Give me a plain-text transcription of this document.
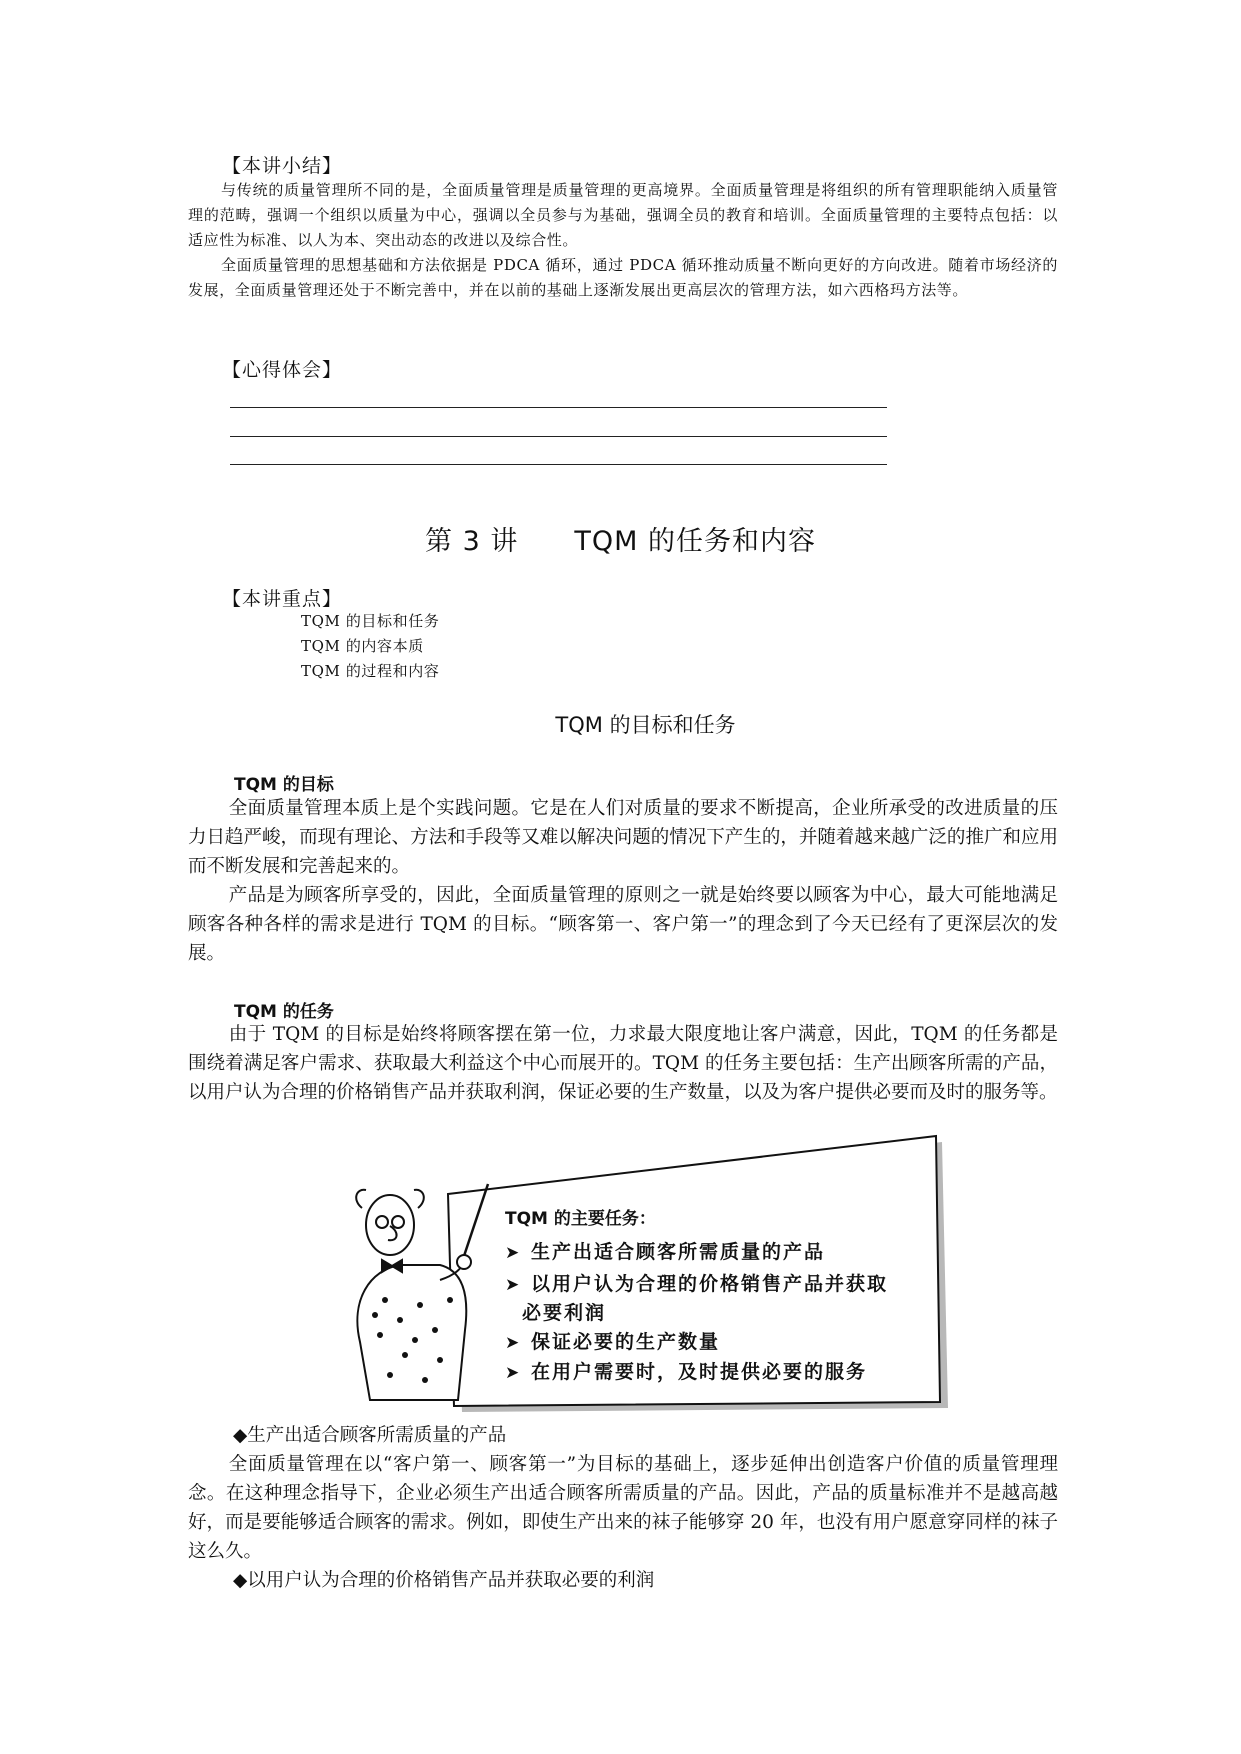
【本讲小结】

与传统的质量管理所不同的是，全面质量管理是质量管理的更高境界。全面质量管理是将组织的所有管理职能纳入质量管理的范畴，强调一个组织以质量为中心，强调以全员参与为基础，强调全员的教育和培训。全面质量管理的主要特点包括：以适应性为标准、以人为本、突出动态的改进以及综合性。

全面质量管理的思想基础和方法依据是 PDCA 循环，通过 PDCA 循环推动质量不断向更好的方向改进。随着市场经济的发展，全面质量管理还处于不断完善中，并在以前的基础上逐渐发展出更高层次的管理方法，如六西格玛方法等。

【心得体会】
第 3 讲 TQM 的任务和内容
【本讲重点】
TQM 的目标和任务
TQM 的内容本质
TQM 的过程和内容
TQM 的目标和任务
TQM 的目标

全面质量管理本质上是个实践问题。它是在人们对质量的要求不断提高，企业所承受的改进质量的压力日趋严峻，而现有理论、方法和手段等又难以解决问题的情况下产生的，并随着越来越广泛的推广和应用而不断发展和完善起来的。

产品是为顾客所享受的，因此，全面质量管理的原则之一就是始终要以顾客为中心，最大可能地满足顾客各种各样的需求是进行 TQM 的目标。“顾客第一、客户第一”的理念到了今天已经有了更深层次的发展。

TQM 的任务

由于 TQM 的目标是始终将顾客摆在第一位，力求最大限度地让客户满意，因此，TQM 的任务都是围绕着满足客户需求、获取最大利益这个中心而展开的。TQM 的任务主要包括：生产出顾客所需的产品，以用户认为合理的价格销售产品并获取利润，保证必要的生产数量，以及为客户提供必要而及时的服务等。

TQM 的主要任务：
➤ 生产出适合顾客所需质量的产品
➤ 以用户认为合理的价格销售产品并获取
必要利润
➤ 保证必要的生产数量
➤ 在用户需要时，及时提供必要的服务
◆生产出适合顾客所需质量的产品

全面质量管理在以“客户第一、顾客第一”为目标的基础上，逐步延伸出创造客户价值的质量管理理念。在这种理念指导下，企业必须生产出适合顾客所需质量的产品。因此，产品的质量标准并不是越高越好，而是要能够适合顾客的需求。例如，即使生产出来的袜子能够穿 20 年，也没有用户愿意穿同样的袜子这么久。

◆以用户认为合理的价格销售产品并获取必要的利润
